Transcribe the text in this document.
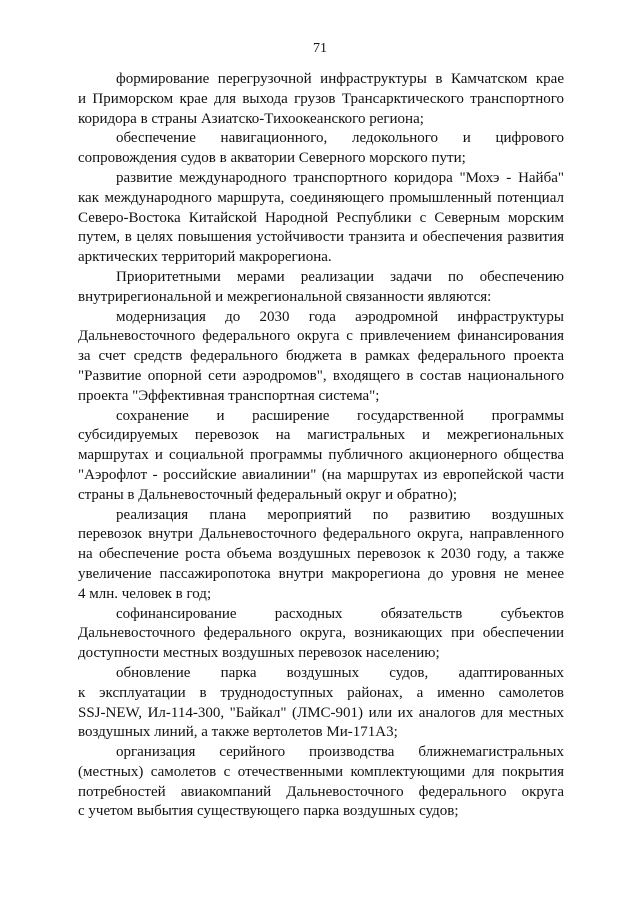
71

формирование перегрузочной инфраструктуры в Камчатском крае
и Приморском крае для выхода грузов Трансарктического транспортного
коридора в страны Азиатско-Тихоокеанского региона;

обеспечение навигационного, ледокольного и цифрового
сопровождения судов в акватории Северного морского пути;

развитие международного транспортного коридора "Мохэ - Найба"
как международного маршрута, соединяющего промышленный потенциал
Северо-Востока Китайской Народной Республики с Северным морским
путем, в целях повышения устойчивости транзита и обеспечения развития
арктических территорий макрорегиона.

Приоритетными мерами реализации задачи по обеспечению
внутрирегиональной и межрегиональной связанности являются:

модернизация до 2030 года аэродромной инфраструктуры
Дальневосточного федерального округа с привлечением финансирования
за счет средств федерального бюджета в рамках федерального проекта
"Развитие опорной сети аэродромов", входящего в состав национального
проекта "Эффективная транспортная система";

сохранение и расширение государственной программы
субсидируемых перевозок на магистральных и межрегиональных
маршрутах и социальной программы публичного акционерного общества
"Аэрофлот - российские авиалинии" (на маршрутах из европейской части
страны в Дальневосточный федеральный округ и обратно);

реализация плана мероприятий по развитию воздушных
перевозок внутри Дальневосточного федерального округа, направленного
на обеспечение роста объема воздушных перевозок к 2030 году, а также
увеличение пассажиропотока внутри макрорегиона до уровня не менее
4 млн. человек в год;

софинансирование расходных обязательств субъектов
Дальневосточного федерального округа, возникающих при обеспечении
доступности местных воздушных перевозок населению;

обновление парка воздушных судов, адаптированных
к эксплуатации в труднодоступных районах, а именно самолетов
SSJ-NEW, Ил-114-300, "Байкал" (ЛМС-901) или их аналогов для местных
воздушных линий, а также вертолетов Ми-171А3;

организация серийного производства ближнемагистральных
(местных) самолетов с отечественными комплектующими для покрытия
потребностей авиакомпаний Дальневосточного федерального округа
с учетом выбытия существующего парка воздушных судов;
